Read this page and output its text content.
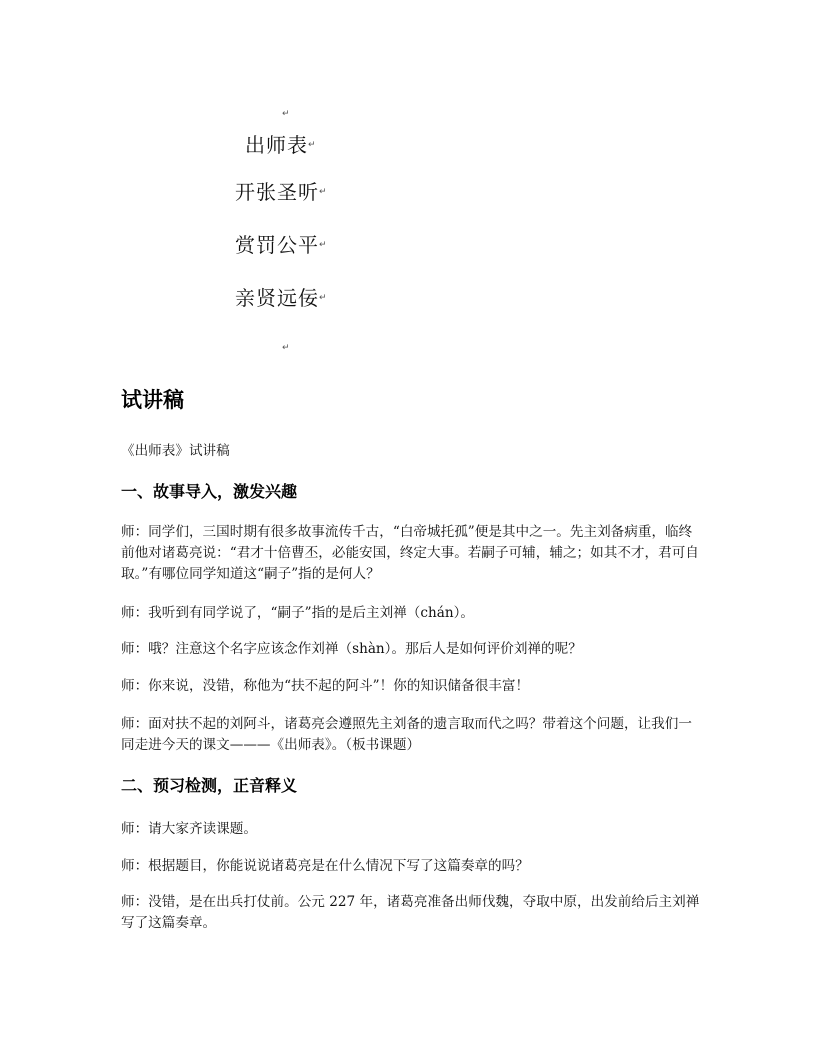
↵
出师表↵
开张圣听↵
赏罚公平↵
亲贤远佞↵
↵
试讲稿

《出师表》试讲稿

一、故事导入，激发兴趣

师：同学们，三国时期有很多故事流传千古，“白帝城托孤”便是其中之一。先主刘备病重，临终前他对诸葛亮说：“君才十倍曹丕，必能安国，终定大事。若嗣子可辅，辅之；如其不才，君可自取。”有哪位同学知道这“嗣子”指的是何人？

师：我听到有同学说了，“嗣子”指的是后主刘禅（chán）。

师：哦？注意这个名字应该念作刘禅（shàn）。那后人是如何评价刘禅的呢？

师：你来说，没错，称他为“扶不起的阿斗”！你的知识储备很丰富！

师：面对扶不起的刘阿斗，诸葛亮会遵照先主刘备的遗言取而代之吗？带着这个问题，让我们一同走进今天的课文———《出师表》。（板书课题）

二、预习检测，正音释义

师：请大家齐读课题。

师：根据题目，你能说说诸葛亮是在什么情况下写了这篇奏章的吗？

师：没错，是在出兵打仗前。公元 227 年，诸葛亮准备出师伐魏，夺取中原，出发前给后主刘禅写了这篇奏章。
